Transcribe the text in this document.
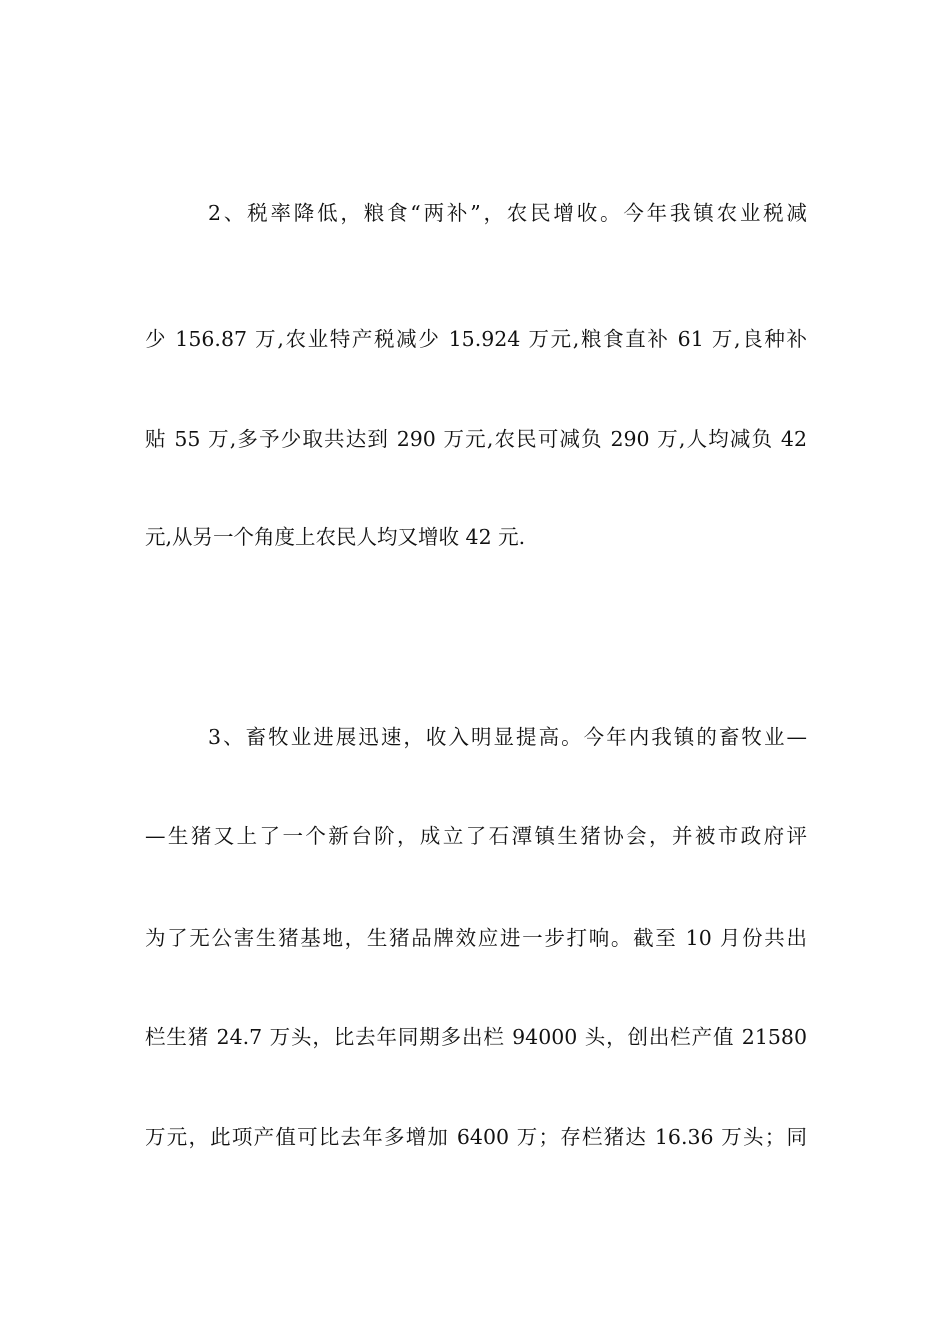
2、税率降低，粮食“两补”，农民增收。今年我镇农业税减
少 156.87 万,农业特产税减少 15.924 万元,粮食直补 61 万,良种补
贴 55 万,多予少取共达到 290 万元,农民可减负 290 万,人均减负 42
元,从另一个角度上农民人均又增收 42 元.
3、畜牧业进展迅速，收入明显提高。今年内我镇的畜牧业—
—生猪又上了一个新台阶，成立了石潭镇生猪协会，并被市政府评
为了无公害生猪基地，生猪品牌效应进一步打响。截至 10 月份共出
栏生猪 24.7 万头，比去年同期多出栏 94000 头，创出栏产值 21580
万元，此项产值可比去年多增加 6400 万；存栏猪达 16.36 万头；同
